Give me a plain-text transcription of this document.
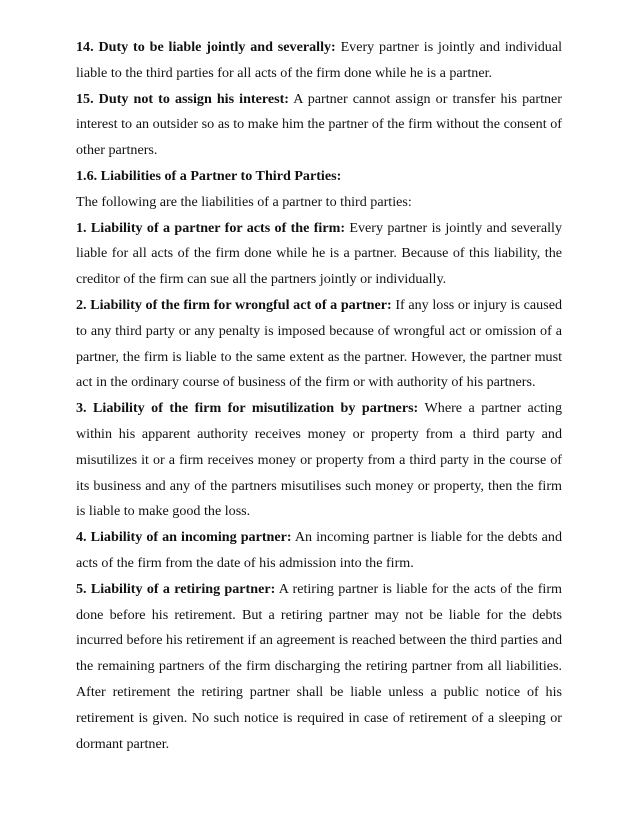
14. Duty to be liable jointly and severally: Every partner is jointly and individual liable to the third parties for all acts of the firm done while he is a partner.

15. Duty not to assign his interest: A partner cannot assign or transfer his partner interest to an outsider so as to make him the partner of the firm without the consent of other partners.

1.6. Liabilities of a Partner to Third Parties:

The following are the liabilities of a partner to third parties:

1. Liability of a partner for acts of the firm: Every partner is jointly and severally liable for all acts of the firm done while he is a partner. Because of this liability, the creditor of the firm can sue all the partners jointly or individually.

2. Liability of the firm for wrongful act of a partner: If any loss or injury is caused to any third party or any penalty is imposed because of wrongful act or omission of a partner, the firm is liable to the same extent as the partner. However, the partner must act in the ordinary course of business of the firm or with authority of his partners.

3. Liability of the firm for misutilization by partners: Where a partner acting within his apparent authority receives money or property from a third party and misutilizes it or a firm receives money or property from a third party in the course of its business and any of the partners misutilises such money or property, then the firm is liable to make good the loss.

4. Liability of an incoming partner: An incoming partner is liable for the debts and acts of the firm from the date of his admission into the firm.

5. Liability of a retiring partner: A retiring partner is liable for the acts of the firm done before his retirement. But a retiring partner may not be liable for the debts incurred before his retirement if an agreement is reached between the third parties and the remaining partners of the firm discharging the retiring partner from all liabilities. After retirement the retiring partner shall be liable unless a public notice of his retirement is given. No such notice is required in case of retirement of a sleeping or dormant partner.
